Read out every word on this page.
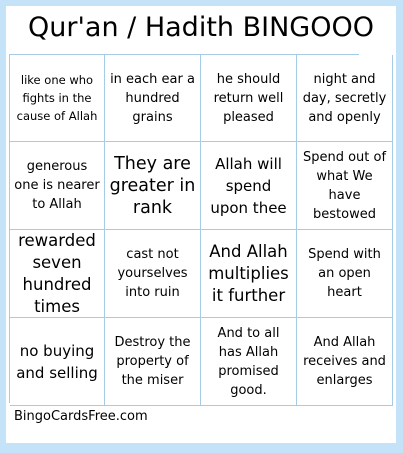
Qur'an / Hadith BINGOOO
like one who fights in the cause of Allah
in each ear a hundred grains
he should return well pleased
night and day, secretly and openly
generous one is nearer to Allah
They are greater in rank
Allah will spend upon thee
Spend out of what We have bestowed
rewarded seven hundred times
cast not yourselves into ruin
And Allah multiplies it further
Spend with an open heart
no buying and selling
Destroy the property of the miser
And to all has Allah promised good.
And Allah receives and enlarges
BingoCardsFree.com
